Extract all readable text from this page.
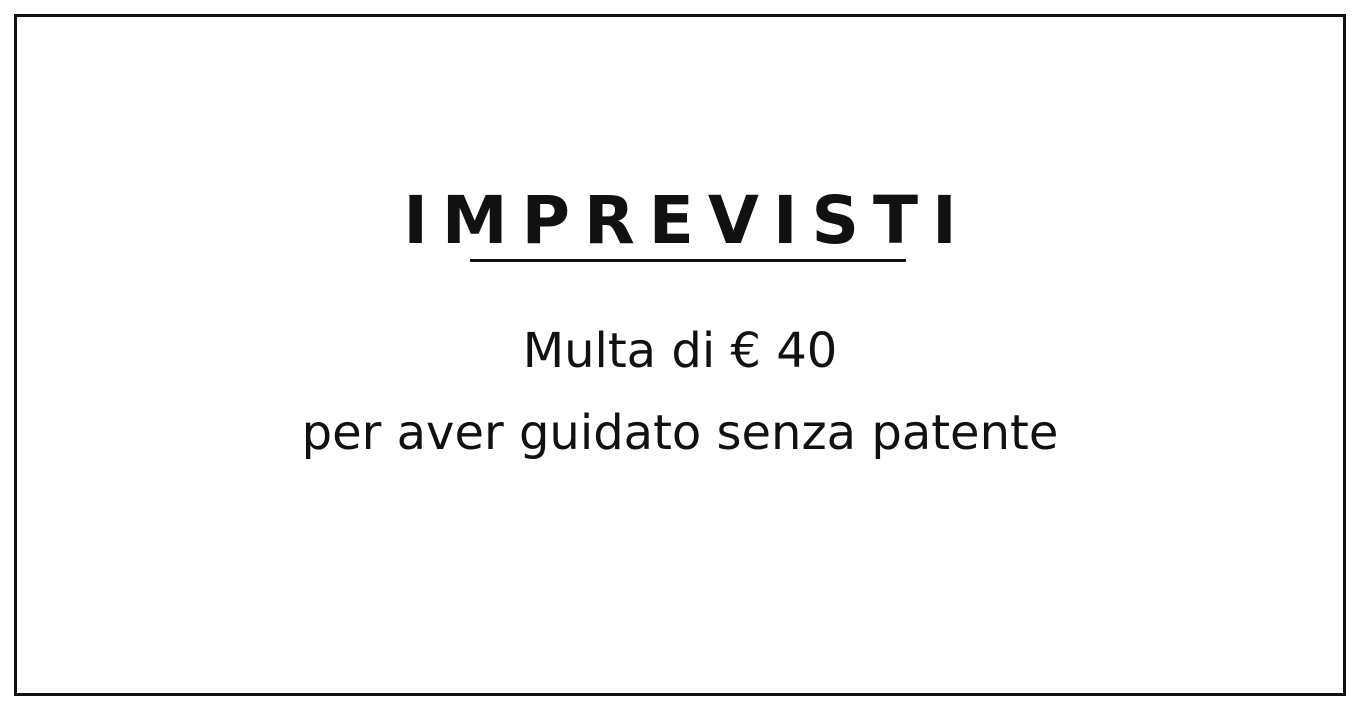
IMPREVISTI
Multa di € 40
per aver guidato senza patente
